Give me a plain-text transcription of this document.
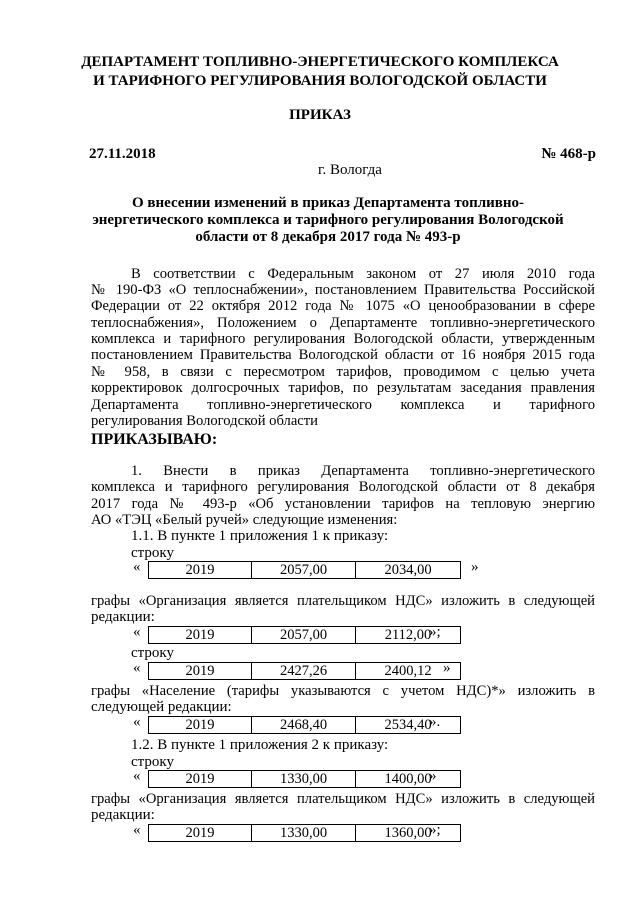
ДЕПАРТАМЕНТ ТОПЛИВНО-ЭНЕРГЕТИЧЕСКОГО КОМПЛЕКСА
И ТАРИФНОГО РЕГУЛИРОВАНИЯ ВОЛОГОДСКОЙ ОБЛАСТИ
ПРИКАЗ
27.11.2018	№ 468-р
г. Вологда
О внесении изменений в приказ Департамента топливно-
энергетического комплекса и тарифного регулирования Вологодской
области от 8 декабря 2017 года № 493-р
В соответствии с Федеральным законом от 27 июля 2010 года
№ 190-ФЗ «О теплоснабжении», постановлением Правительства Российской
Федерации от 22 октября 2012 года № 1075 «О ценообразовании в сфере
теплоснабжения», Положением о Департаменте топливно-энергетического
комплекса и тарифного регулирования Вологодской области, утвержденным
постановлением Правительства Вологодской области от 16 ноября 2015 года
№ 958, в связи с пересмотром тарифов, проводимом с целью учета
корректировок долгосрочных тарифов, по результатам заседания правления
Департамента топливно-энергетического комплекса и тарифного
регулирования Вологодской области
ПРИКАЗЫВАЮ:
1. Внести в приказ Департамента топливно-энергетического
комплекса и тарифного регулирования Вологодской области от 8 декабря
2017 года № 493-р «Об установлении тарифов на тепловую энергию
АО «ТЭЦ «Белый ручей» следующие изменения:
1.1. В пункте 1 приложения 1 к приказу:
строку
«	2019	2057,00	2034,00	»
графы «Организация является плательщиком НДС» изложить в следующей
редакции:
«	2019	2057,00	2112,00
»;
строку
«	2019	2427,26	2400,12 »
графы «Население (тарифы указываются с учетом НДС)*» изложить в
следующей редакции:
«	2019	2468,40	2534,40
».
1.2. В пункте 1 приложения 2 к приказу:
строку
«	2019	1330,00	1400,00
»
графы «Организация является плательщиком НДС» изложить в следующей
редакции:
«	2019	1330,00	1360,00
»;
